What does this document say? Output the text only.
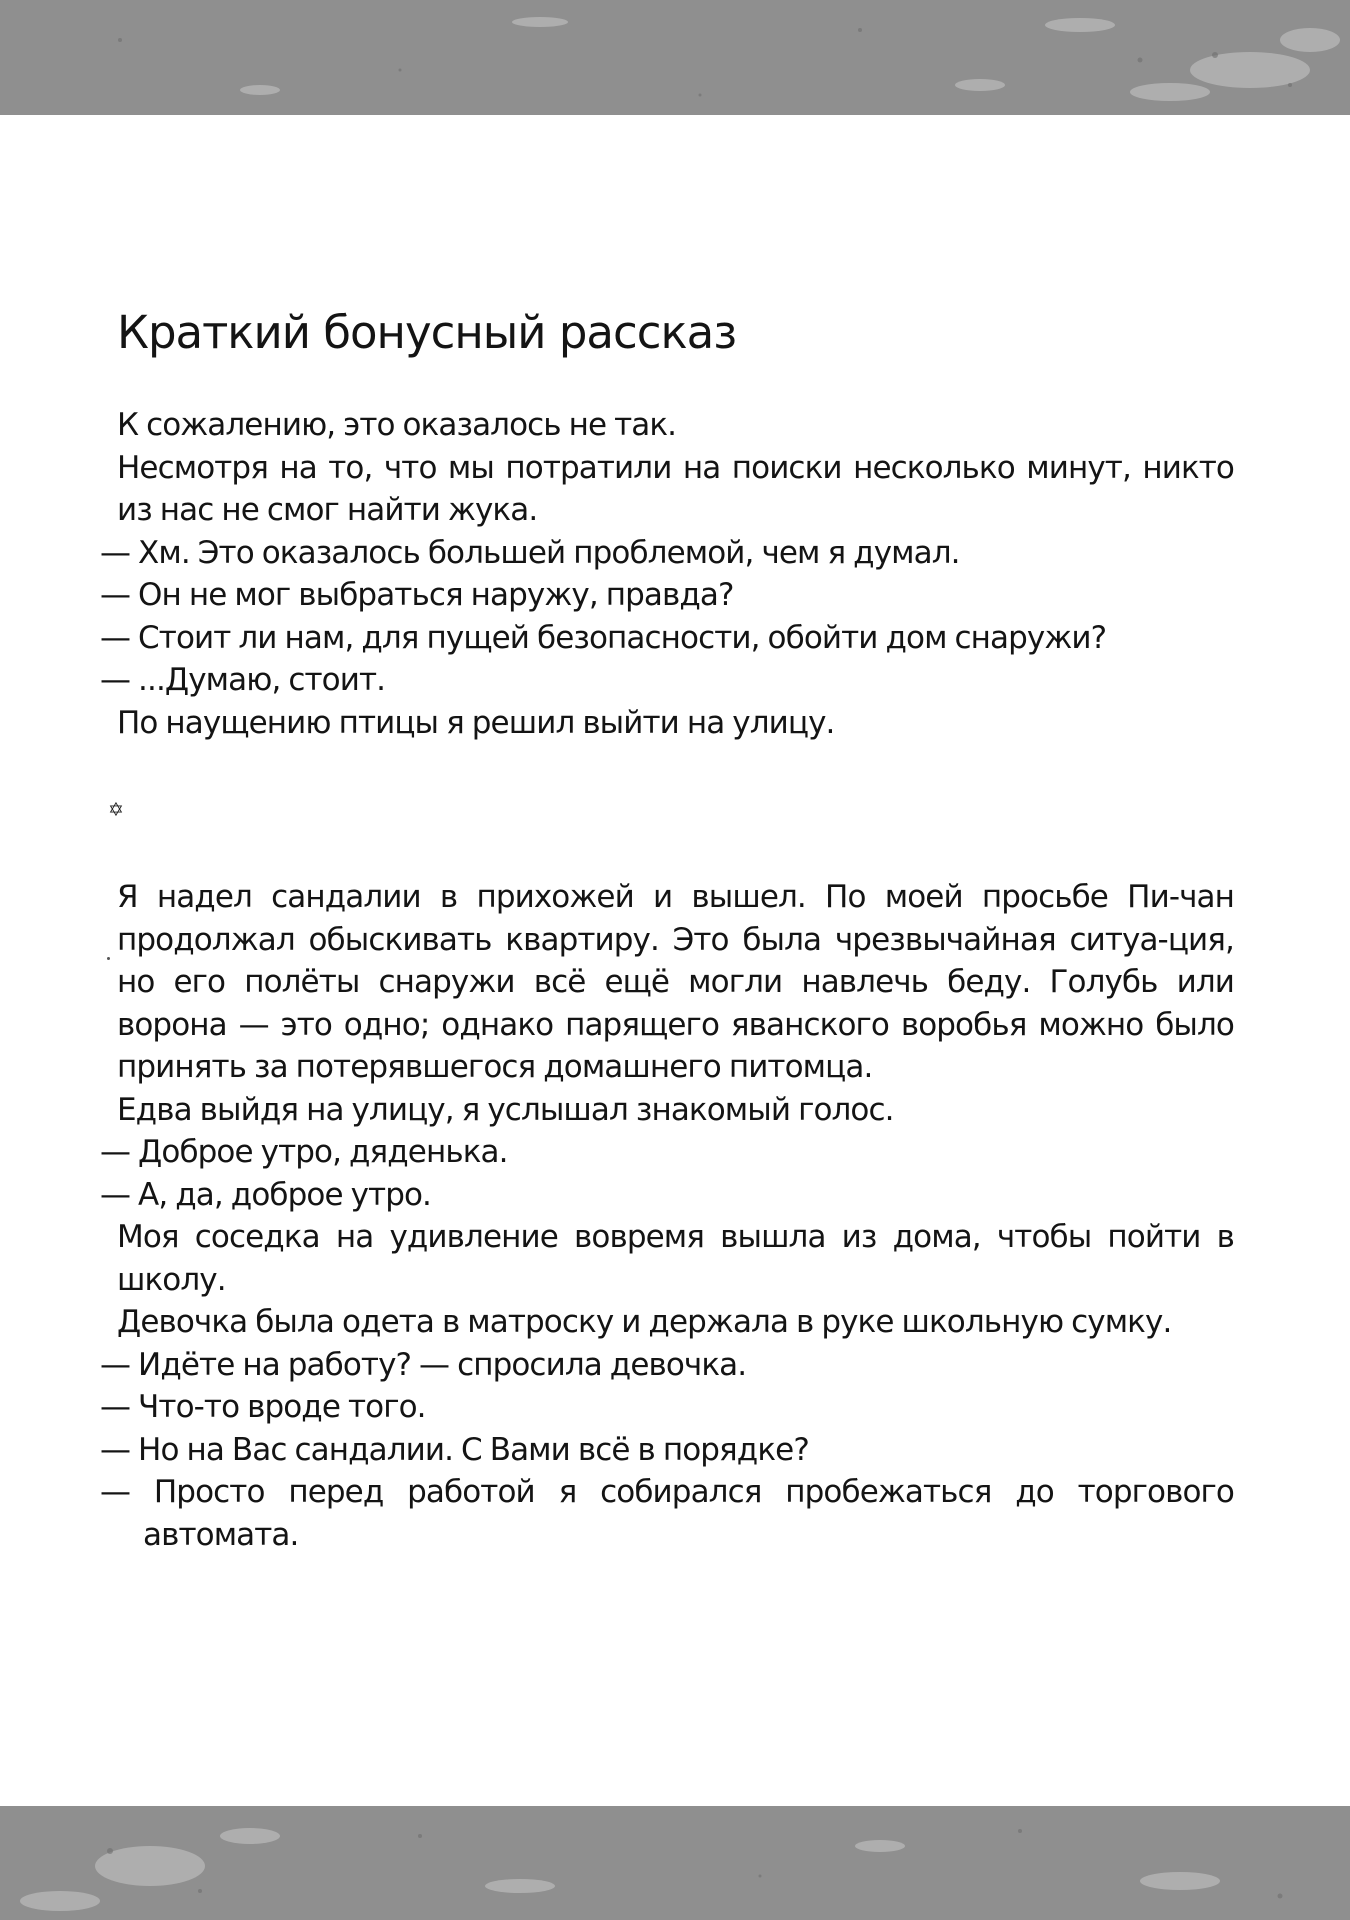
Краткий бонусный рассказ

К сожалению, это оказалось не так.

Несмотря на то, что мы потратили на поиски несколько минут, никто из нас не смог найти жука.

— Хм. Это оказалось большей проблемой, чем я думал.

— Он не мог выбраться наружу, правда?

— Стоит ли нам, для пущей безопасности, обойти дом снаружи?

— ...Думаю, стоит.

По наущению птицы я решил выйти на улицу.

✡

Я надел сандалии в прихожей и вышел. По моей просьбе Пи-чан продолжал обыскивать квартиру. Это была чрезвычайная ситуа-ция, но его полёты снаружи всё ещё могли навлечь беду. Голубь или ворона — это одно; однако парящего яванского воробья можно было принять за потерявшегося домашнего питомца.

Едва выйдя на улицу, я услышал знакомый голос.

— Доброе утро, дяденька.

— А, да, доброе утро.

Моя соседка на удивление вовремя вышла из дома, чтобы пойти в школу.

Девочка была одета в матроску и держала в руке школьную сумку.

— Идёте на работу? — спросила девочка.

— Что-то вроде того.

— Но на Вас сандалии. С Вами всё в порядке?

— Просто перед работой я собирался пробежаться до торгового автомата.
